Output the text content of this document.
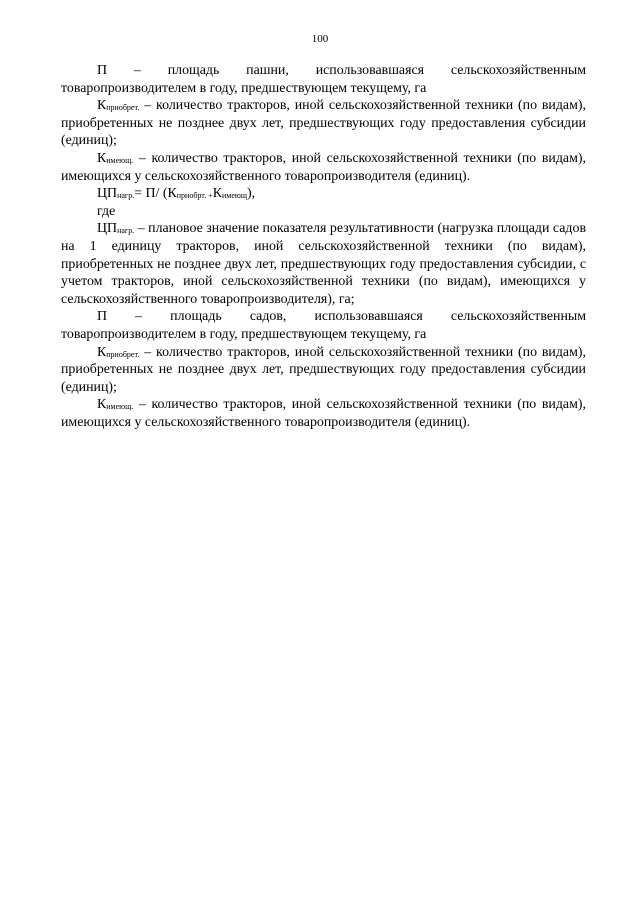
100

П – площадь пашни, использовавшаяся сельскохозяйственным товаропроизводителем в году, предшествующем текущему, га

$К_{приобрет.}$ – количество тракторов, иной сельскохозяйственной техники (по видам), приобретенных не позднее двух лет, предшествующих году предоставления субсидии (единиц);

$К_{имеющ.}$ – количество тракторов, иной сельскохозяйственной техники (по видам), имеющихся у сельскохозяйственного товаропроизводителя (единиц).

$ЦП_{нагр.}= П/$ $(К_{приобрт. +}К_{имеющ})$,

где

$ЦП_{нагр.}$ – плановое значение показателя результативности (нагрузка площади садов на 1 единицу тракторов, иной сельскохозяйственной техники (по видам), приобретенных не позднее двух лет, предшествующих году предоставления субсидии, с учетом тракторов, иной сельскохозяйственной техники (по видам), имеющихся у сельскохозяйственного товаропроизводителя), га;

П – площадь садов, использовавшаяся сельскохозяйственным товаропроизводителем в году, предшествующем текущему, га

$К_{приобрет.}$ – количество тракторов, иной сельскохозяйственной техники (по видам), приобретенных не позднее двух лет, предшествующих году предоставления субсидии (единиц);

$К_{имеющ.}$ – количество тракторов, иной сельскохозяйственной техники (по видам), имеющихся у сельскохозяйственного товаропроизводителя (единиц).
